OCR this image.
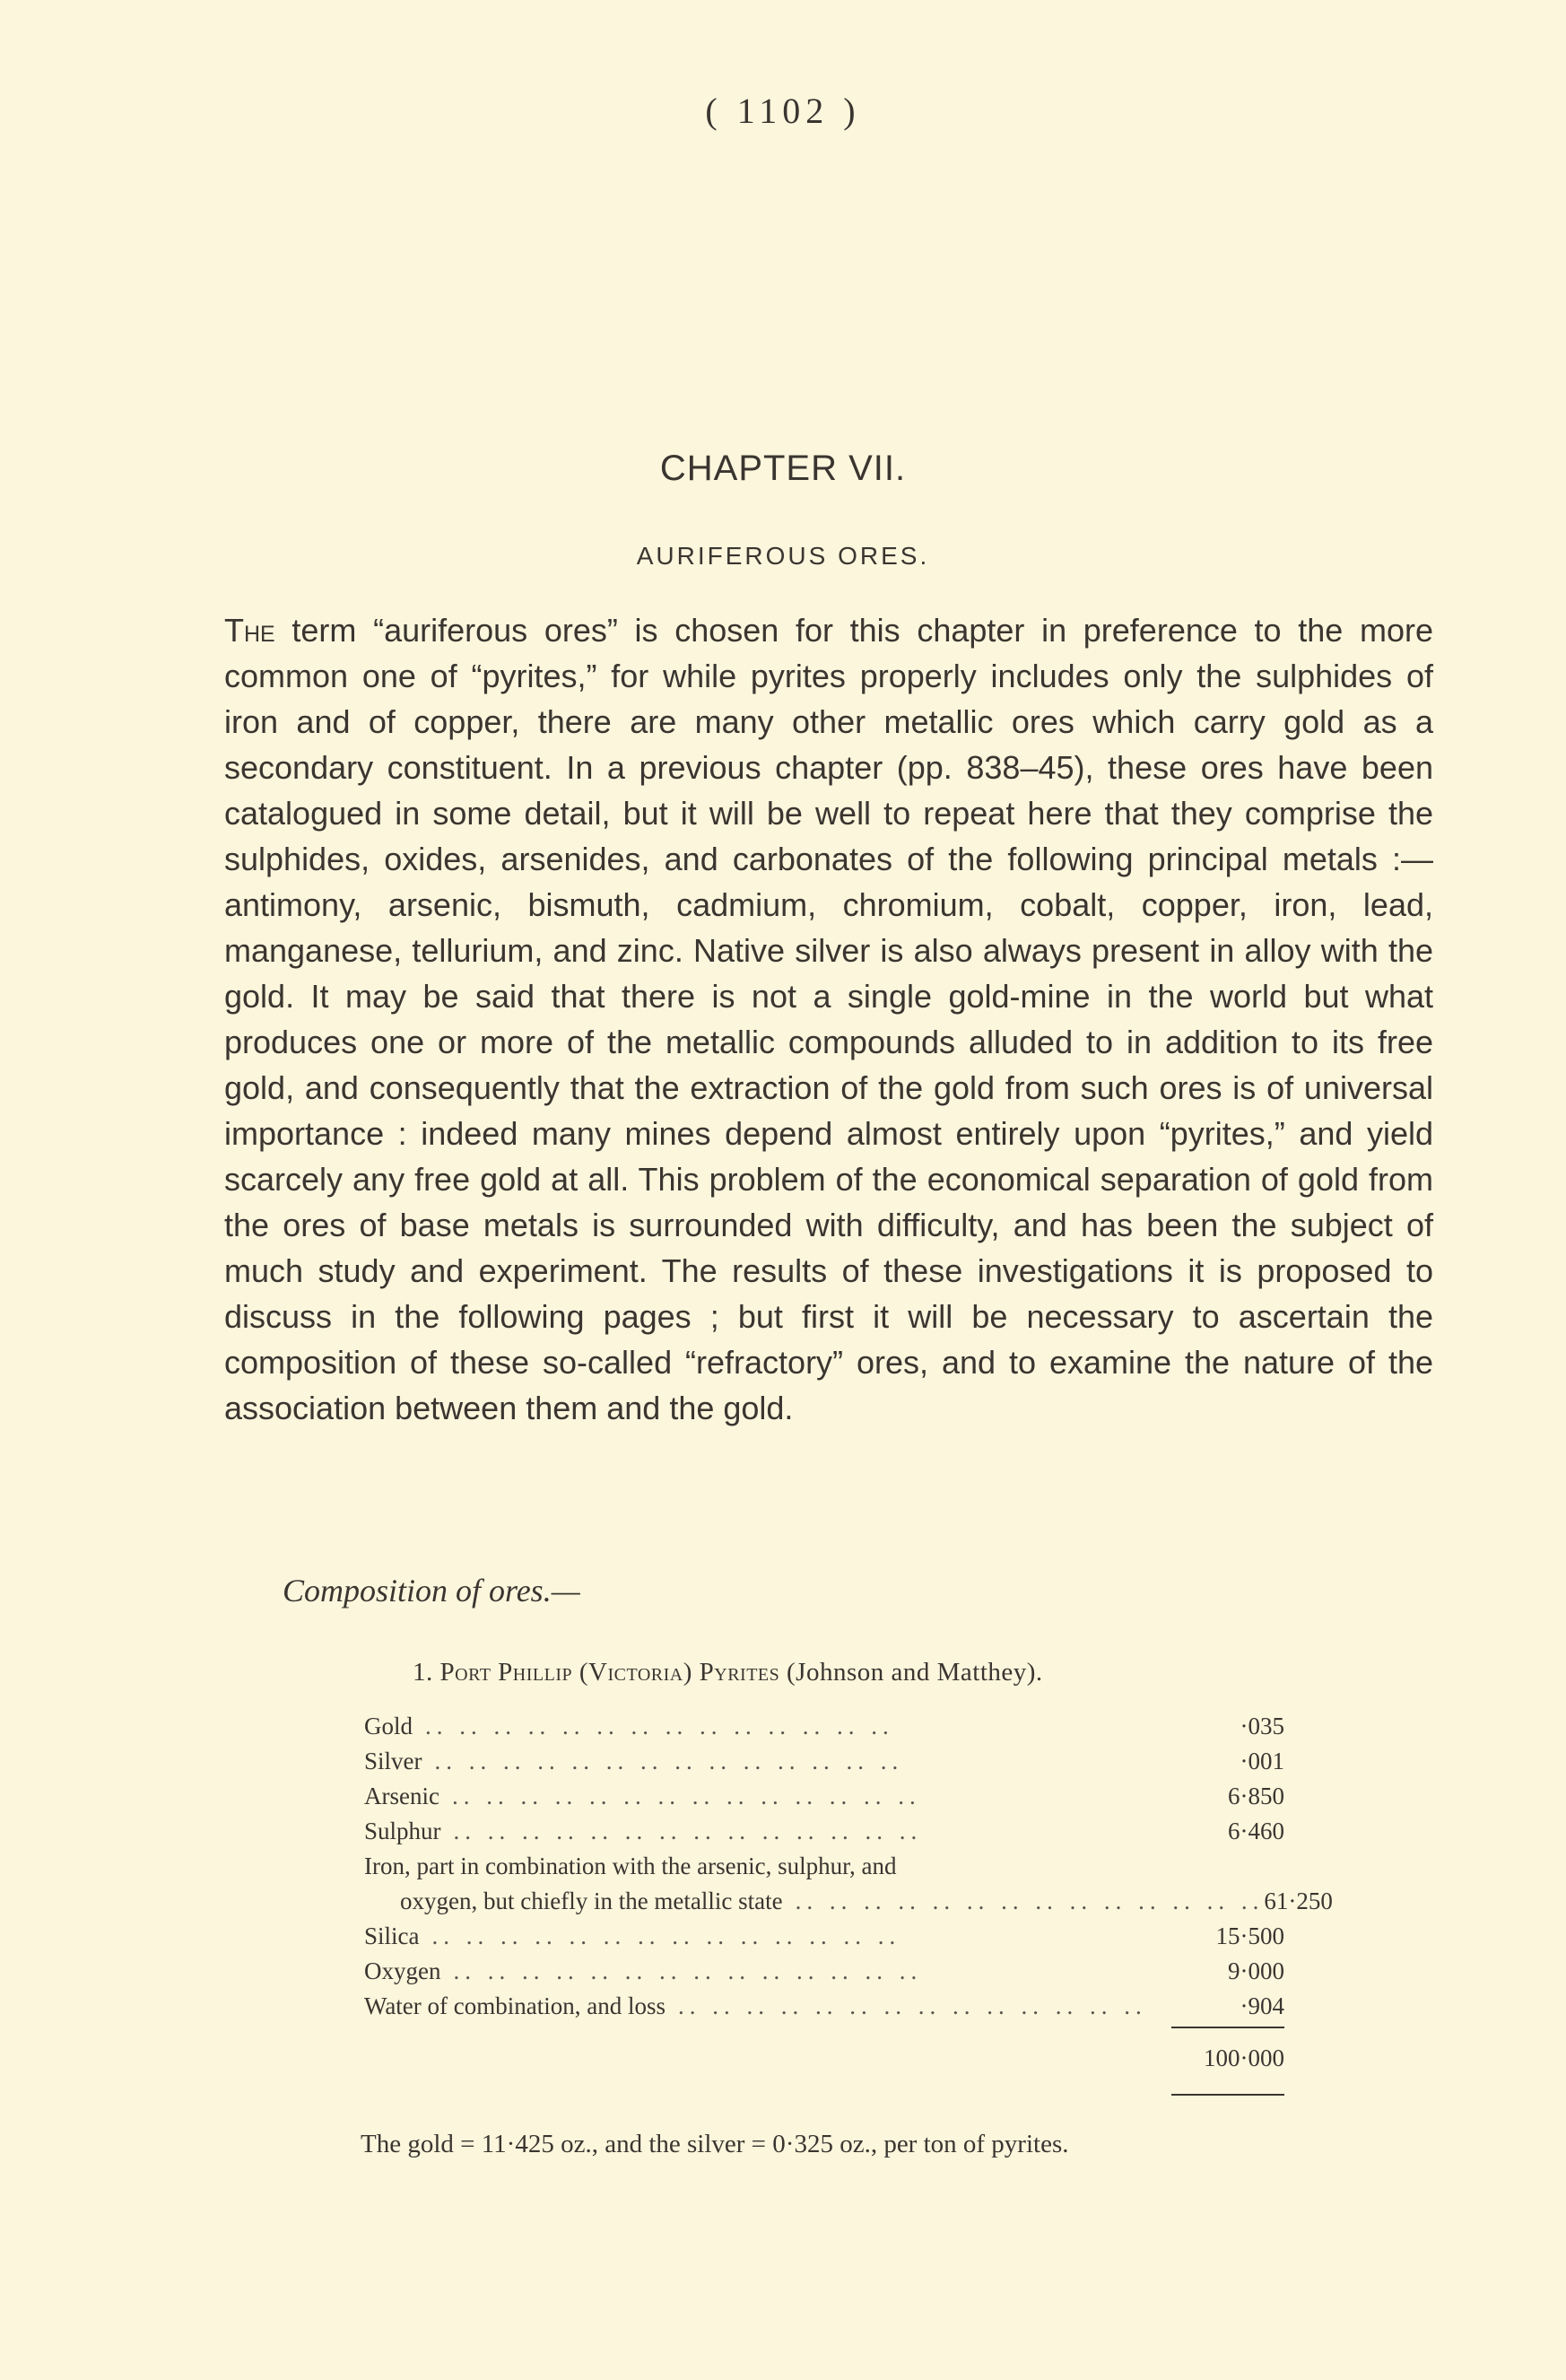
( 1102 )
CHAPTER VII.
AURIFEROUS ORES.
The term “auriferous ores” is chosen for this chapter in preference to the more common one of “pyrites,” for while pyrites properly includes only the sulphides of iron and of copper, there are many other metallic ores which carry gold as a secondary constituent. In a previous chapter (pp. 838–45), these ores have been catalogued in some detail, but it will be well to repeat here that they comprise the sulphides, oxides, arsenides, and carbonates of the following principal metals :—antimony, arsenic, bismuth, cadmium, chromium, cobalt, copper, iron, lead, manganese, tellurium, and zinc. Native silver is also always present in alloy with the gold. It may be said that there is not a single gold-mine in the world but what produces one or more of the metallic compounds alluded to in addition to its free gold, and consequently that the extraction of the gold from such ores is of universal importance : indeed many mines depend almost entirely upon “pyrites,” and yield scarcely any free gold at all. This problem of the economical separation of gold from the ores of base metals is surrounded with difficulty, and has been the subject of much study and experiment. The results of these investigations it is proposed to discuss in the following pages ; but first it will be necessary to ascertain the composition of these so-called “refractory” ores, and to examine the nature of the association between them and the gold.
Composition of ores.—
1. Port Phillip (Victoria) Pyrites (Johnson and Matthey).
Gold .. .. .. .. .. .. .. .. .. .. .. .. .. ..	·035
Silver .. .. .. .. .. .. .. .. .. .. .. .. .. ..	·001
Arsenic .. .. .. .. .. .. .. .. .. .. .. .. .. ..	6·850
Sulphur .. .. .. .. .. .. .. .. .. .. .. .. .. ..	6·460
Iron, part in combination with the arsenic, sulphur, and
oxygen, but chiefly in the metallic state .. .. .. .. .. .. .. .. .. .. .. .. .. .. 61·250
Silica .. .. .. .. .. .. .. .. .. .. .. .. .. ..	15·500
Oxygen .. .. .. .. .. .. .. .. .. .. .. .. .. ..	9·000
Water of combination, and loss .. .. .. .. .. .. .. .. .. .. .. .. .. ..	·904
100·000
The gold = 11·425 oz., and the silver = 0·325 oz., per ton of pyrites.
